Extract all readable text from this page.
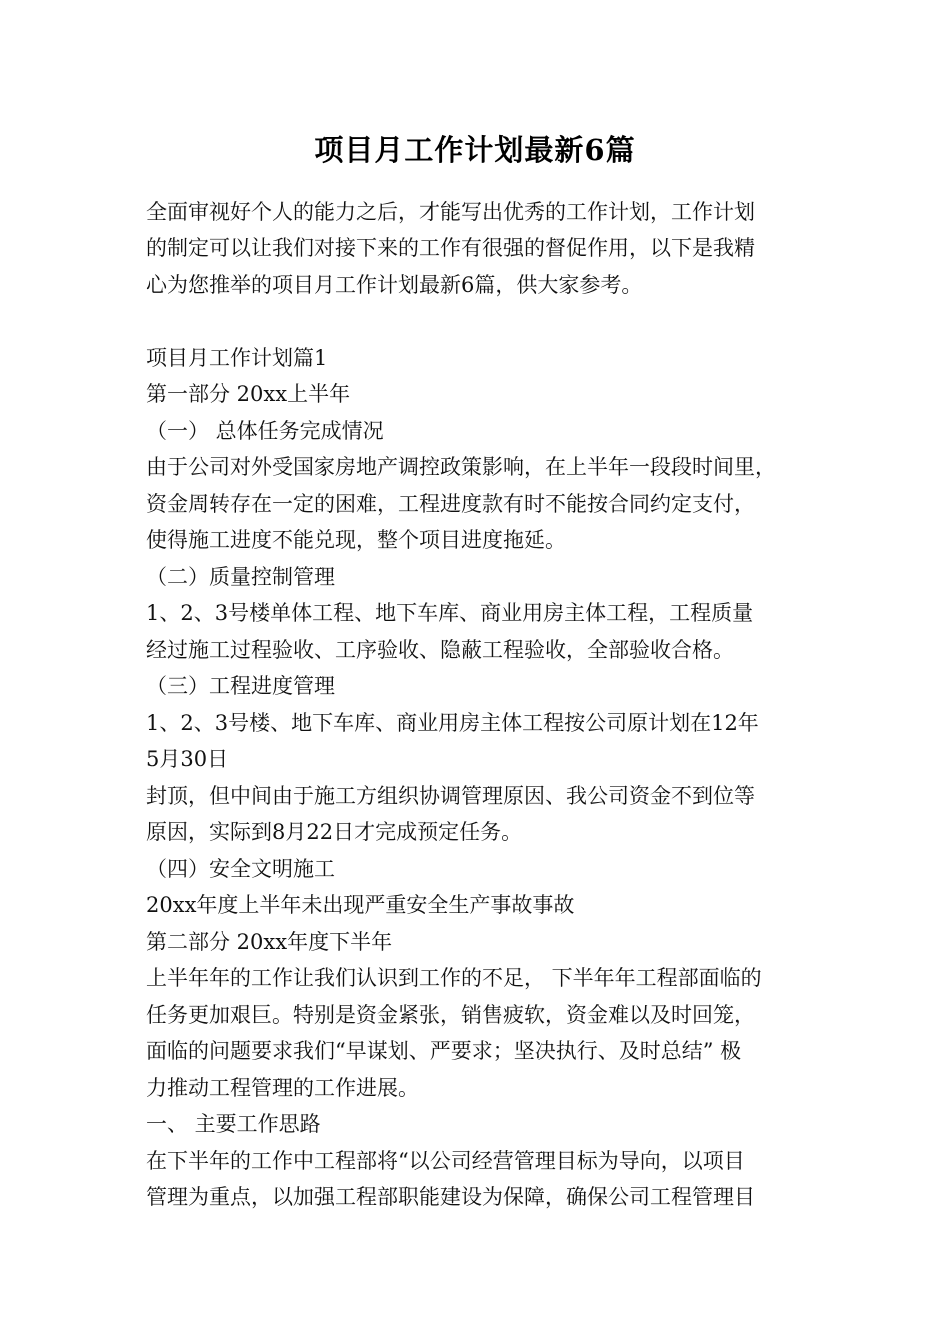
项目月工作计划最新6篇
全面审视好个人的能力之后，才能写出优秀的工作计划，工作计划
的制定可以让我们对接下来的工作有很强的督促作用，以下是我精
心为您推举的项目月工作计划最新6篇，供大家参考。
项目月工作计划篇1
第一部分 20xx上半年
（一） 总体任务完成情况
由于公司对外受国家房地产调控政策影响，在上半年一段段时间里，
资金周转存在一定的困难，工程进度款有时不能按合同约定支付，
使得施工进度不能兑现，整个项目进度拖延。
（二）质量控制管理
1、2、3号楼单体工程、地下车库、商业用房主体工程，工程质量
经过施工过程验收、工序验收、隐蔽工程验收，全部验收合格。
（三）工程进度管理
1、2、3号楼、地下车库、商业用房主体工程按公司原计划在12年
5月30日
封顶，但中间由于施工方组织协调管理原因、我公司资金不到位等
原因，实际到8月22日才完成预定任务。
（四）安全文明施工
20xx年度上半年未出现严重安全生产事故事故
第二部分 20xx年度下半年
上半年年的工作让我们认识到工作的不足， 下半年年工程部面临的
任务更加艰巨。特别是资金紧张，销售疲软，资金难以及时回笼，
面临的问题要求我们“早谋划、严要求；坚决执行、及时总结” 极
力推动工程管理的工作进展。
一、 主要工作思路
在下半年的工作中工程部将“以公司经营管理目标为导向，以项目
管理为重点，以加强工程部职能建设为保障，确保公司工程管理目
